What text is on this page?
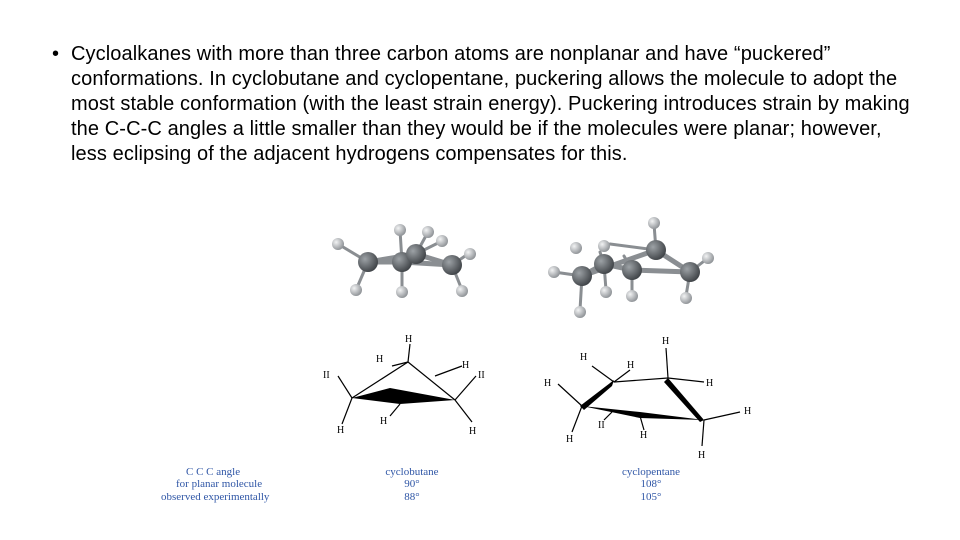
• Cycloalkanes with more than three carbon atoms are nonplanar and have “puckered” conformations. In cyclobutane and cyclopentane, puckering allows the molecule to adopt the most stable conformation (with the least strain energy). Puckering introduces strain by making the C-C-C angles a little smaller than they would be if the molecules were planar; however, less eclipsing of the adjacent hydrogens compensates for this.
H
H
H
II	II
H
H	H
H
H
H
H
H
H
II
H
H
H
C C C angle
for planar molecule
observed experimentally
cyclobutane
90°
88°
cyclopentane
108°
105°
